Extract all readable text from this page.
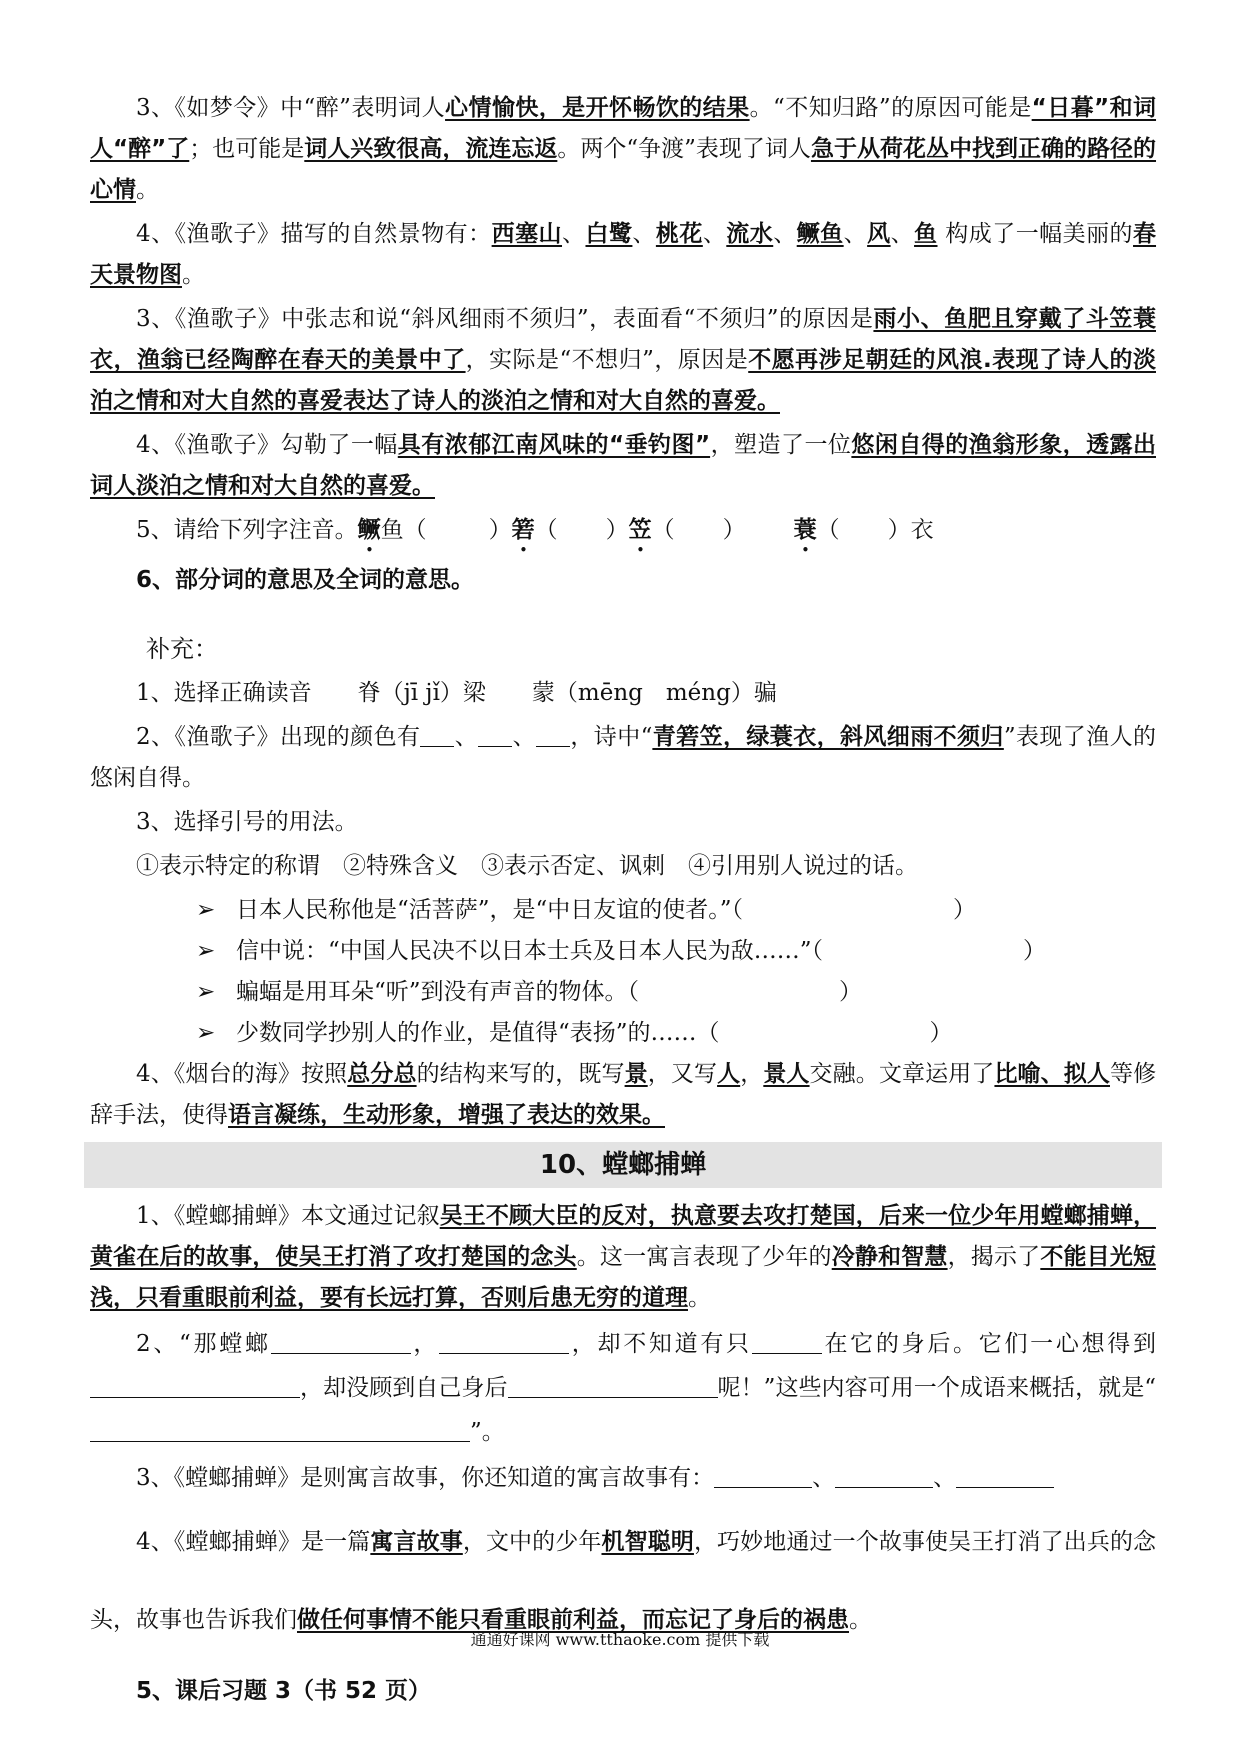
3、《如梦令》中“醉”表明词人心情愉快，是开怀畅饮的结果。“不知归路”的原因可能是“日暮”和词人“醉”了；也可能是词人兴致很高，流连忘返。两个“争渡”表现了词人急于从荷花丛中找到正确的路径的心情。

4、《渔歌子》描写的自然景物有：西塞山、白鹭、桃花、流水、鳜鱼、风、鱼 构成了一幅美丽的春天景物图。

3、《渔歌子》中张志和说“斜风细雨不须归”，表面看“不须归”的原因是雨小、鱼肥且穿戴了斗笠蓑衣，渔翁已经陶醉在春天的美景中了，实际是“不想归”，原因是不愿再涉足朝廷的风浪.表现了诗人的淡泊之情和对大自然的喜爱表达了诗人的淡泊之情和对大自然的喜爱。

4、《渔歌子》勾勒了一幅具有浓郁江南风味的“垂钓图”，塑造了一位悠闲自得的渔翁形象，透露出词人淡泊之情和对大自然的喜爱。

5、请给下列字注音。鳜鱼（	）箬（ ）笠（ ） 蓑（ ）衣

6、部分词的意思及全词的意思。

补充：

1、选择正确读音　　脊（jī jǐ）梁　　蒙（mēng　méng）骗

2、《渔歌子》出现的颜色有 、 、 ，诗中“青箬笠，绿蓑衣，斜风细雨不须归”表现了渔人的悠闲自得。

3、选择引号的用法。

①表示特定的称谓　②特殊含义　③表示否定、讽刺　④引用别人说过的话。

➢ 日本人民称他是“活菩萨”，是“中日友谊的使者。”（	）
➢ 信中说：“中国人民决不以日本士兵及日本人民为敌……”（	）
➢ 蝙蝠是用耳朵“听”到没有声音的物体。（	）
➢ 少数同学抄别人的作业，是值得“表扬”的……（	）

4、《烟台的海》按照总分总的结构来写的，既写景，又写人，景人交融。文章运用了比喻、拟人等修辞手法，使得语言凝练，生动形象，增强了表达的效果。

10、螳螂捕蝉

1、《螳螂捕蝉》本文通过记叙吴王不顾大臣的反对，执意要去攻打楚国，后来一位少年用螳螂捕蝉，黄雀在后的故事，使吴王打消了攻打楚国的念头。这一寓言表现了少年的冷静和智慧，揭示了不能目光短浅，只看重眼前利益，要有长远打算，否则后患无穷的道理。

2、“那螳螂	，	，却不知道有只	在它的身后。它们一心想得到，却没顾到自己身后	呢！”这些内容可用一个成语来概括，就是“”。

3、《螳螂捕蝉》是则寓言故事，你还知道的寓言故事有：	、	、

4、《螳螂捕蝉》是一篇寓言故事，文中的少年机智聪明，巧妙地通过一个故事使吴王打消了出兵的念头，故事也告诉我们做任何事情不能只看重眼前利益，而忘记了身后的祸患。

5、课后习题 3（书 52 页）

通通好课网 www.tthaoke.com 提供下载
